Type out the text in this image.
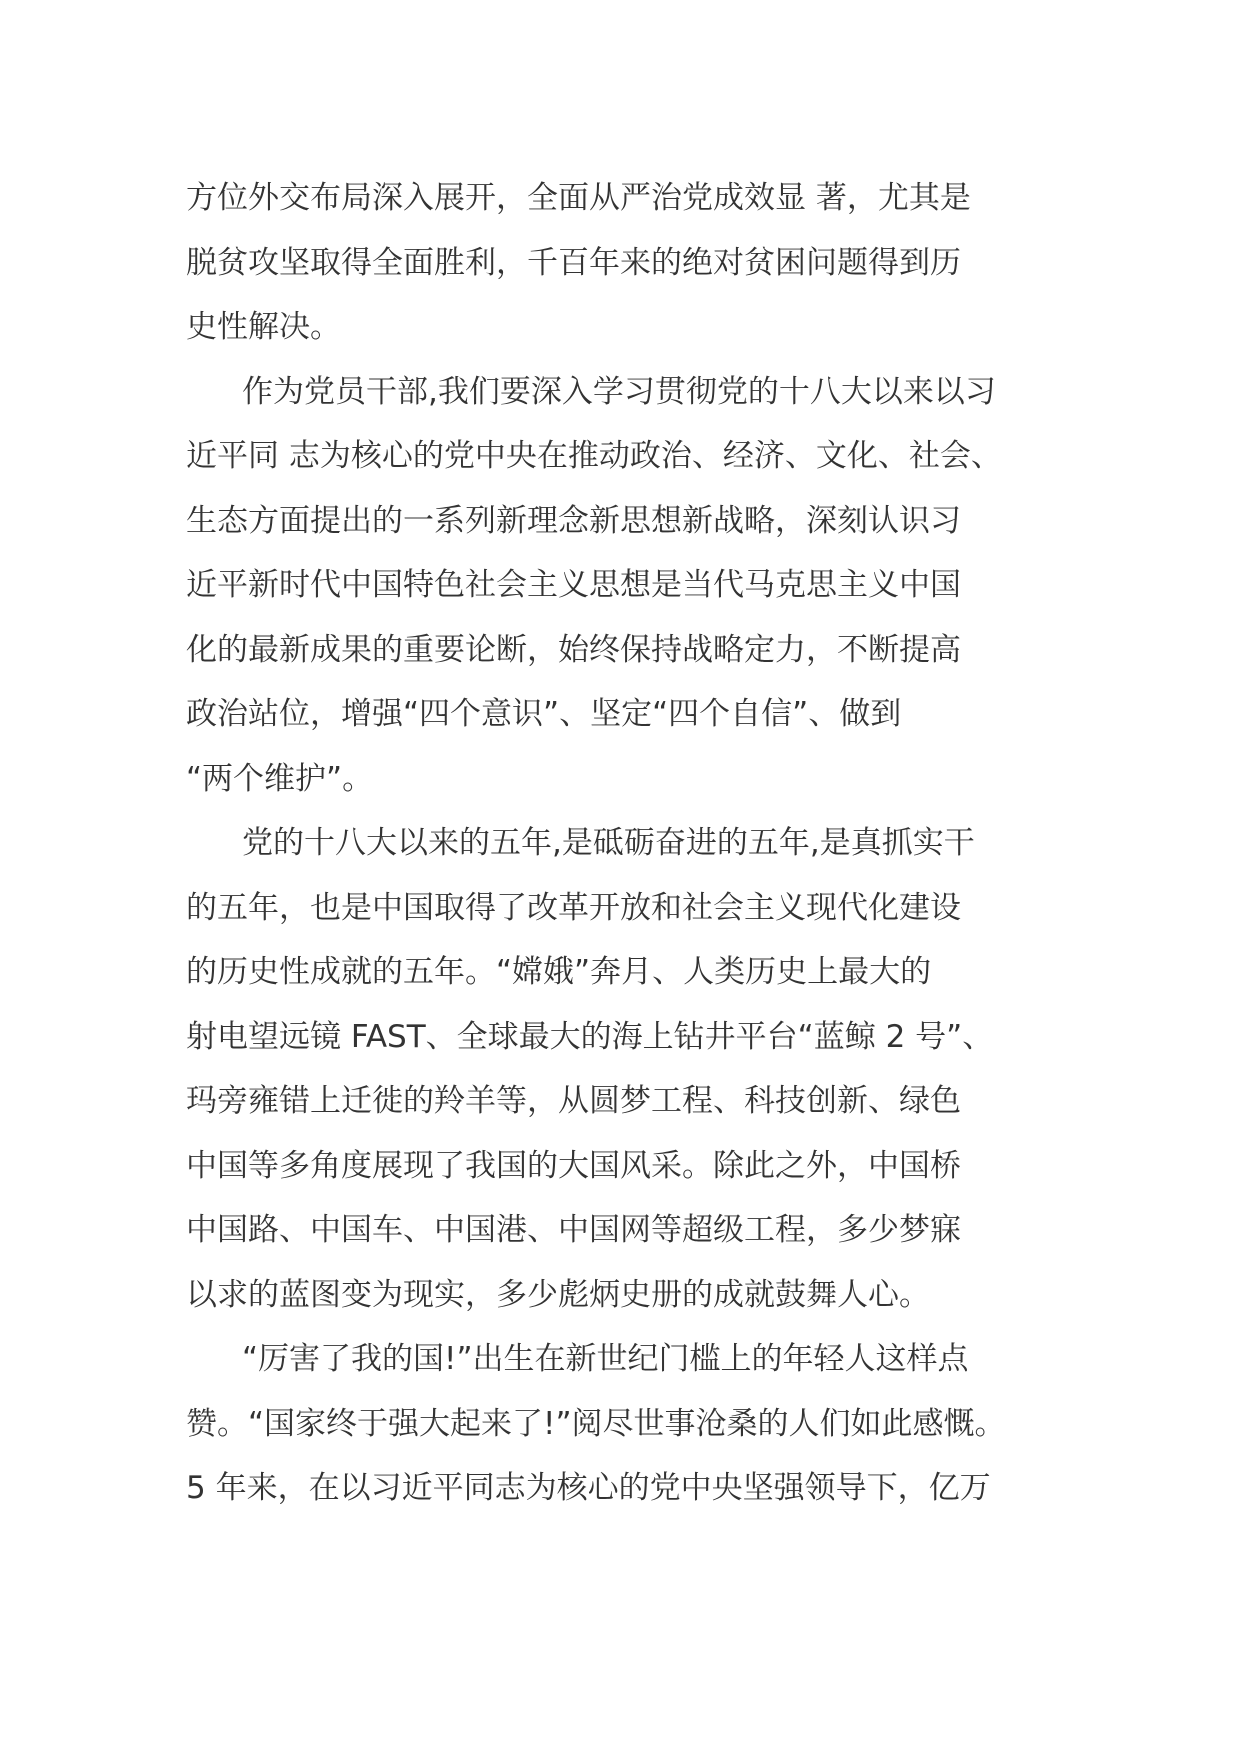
方位外交布局深入展开，全面从严治党成效显 著，尤其是
脱贫攻坚取得全面胜利，千百年来的绝对贫困问题得到历
史性解决。
作为党员干部,我们要深入学习贯彻党的十八大以来以习
近平同 志为核心的党中央在推动政治、经济、文化、社会、
生态方面提出的一系列新理念新思想新战略，深刻认识习
近平新时代中国特色社会主义思想是当代马克思主义中国
化的最新成果的重要论断，始终保持战略定力，不断提高
政治站位，增强“四个意识”、坚定“四个自信”、做到
“两个维护”。
党的十八大以来的五年,是砥砺奋进的五年,是真抓实干
的五年，也是中国取得了改革开放和社会主义现代化建设
的历史性成就的五年。“嫦娥”奔月、人类历史上最大的
射电望远镜 FAST、全球最大的海上钻井平台“蓝鲸 2 号”、
玛旁雍错上迁徙的羚羊等，从圆梦工程、科技创新、绿色
中国等多角度展现了我国的大国风采。除此之外，中国桥
中国路、中国车、中国港、中国网等超级工程，多少梦寐
以求的蓝图变为现实，多少彪炳史册的成就鼓舞人心。
“厉害了我的国!”出生在新世纪门槛上的年轻人这样点
赞。“国家终于强大起来了!”阅尽世事沧桑的人们如此感慨。
5 年来，在以习近平同志为核心的党中央坚强领导下，亿万
